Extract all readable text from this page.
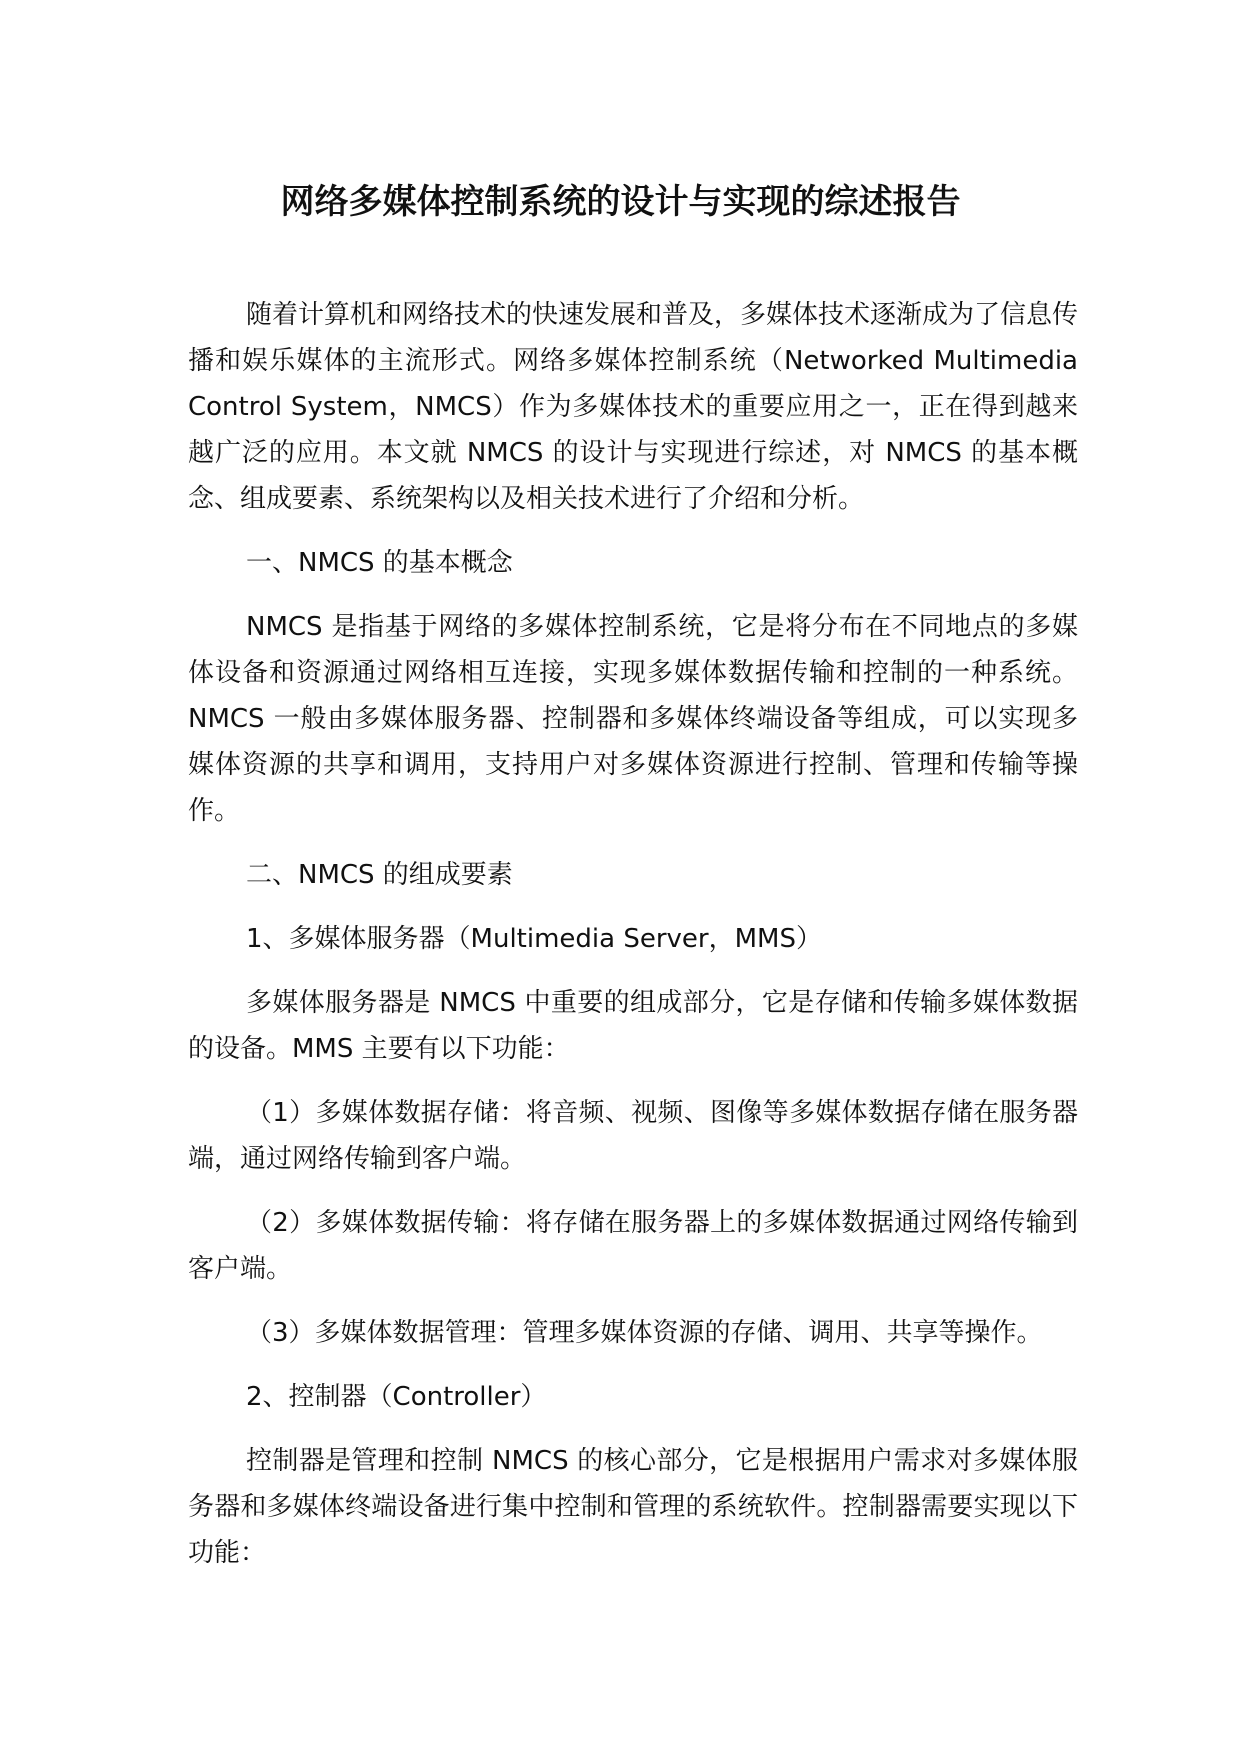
网络多媒体控制系统的设计与实现的综述报告

随着计算机和网络技术的快速发展和普及，多媒体技术逐渐成为了信息传播和娱乐媒体的主流形式。网络多媒体控制系统（Networked Multimedia Control System，NMCS）作为多媒体技术的重要应用之一，正在得到越来越广泛的应用。本文就 NMCS 的设计与实现进行综述，对 NMCS 的基本概念、组成要素、系统架构以及相关技术进行了介绍和分析。

一、NMCS 的基本概念

NMCS 是指基于网络的多媒体控制系统，它是将分布在不同地点的多媒体设备和资源通过网络相互连接，实现多媒体数据传输和控制的一种系统。NMCS 一般由多媒体服务器、控制器和多媒体终端设备等组成，可以实现多媒体资源的共享和调用，支持用户对多媒体资源进行控制、管理和传输等操作。

二、NMCS 的组成要素

1、多媒体服务器（Multimedia Server，MMS）

多媒体服务器是 NMCS 中重要的组成部分，它是存储和传输多媒体数据的设备。MMS 主要有以下功能：

（1）多媒体数据存储：将音频、视频、图像等多媒体数据存储在服务器端，通过网络传输到客户端。

（2）多媒体数据传输：将存储在服务器上的多媒体数据通过网络传输到客户端。

（3）多媒体数据管理：管理多媒体资源的存储、调用、共享等操作。

2、控制器（Controller）

控制器是管理和控制 NMCS 的核心部分，它是根据用户需求对多媒体服务器和多媒体终端设备进行集中控制和管理的系统软件。控制器需要实现以下功能：
